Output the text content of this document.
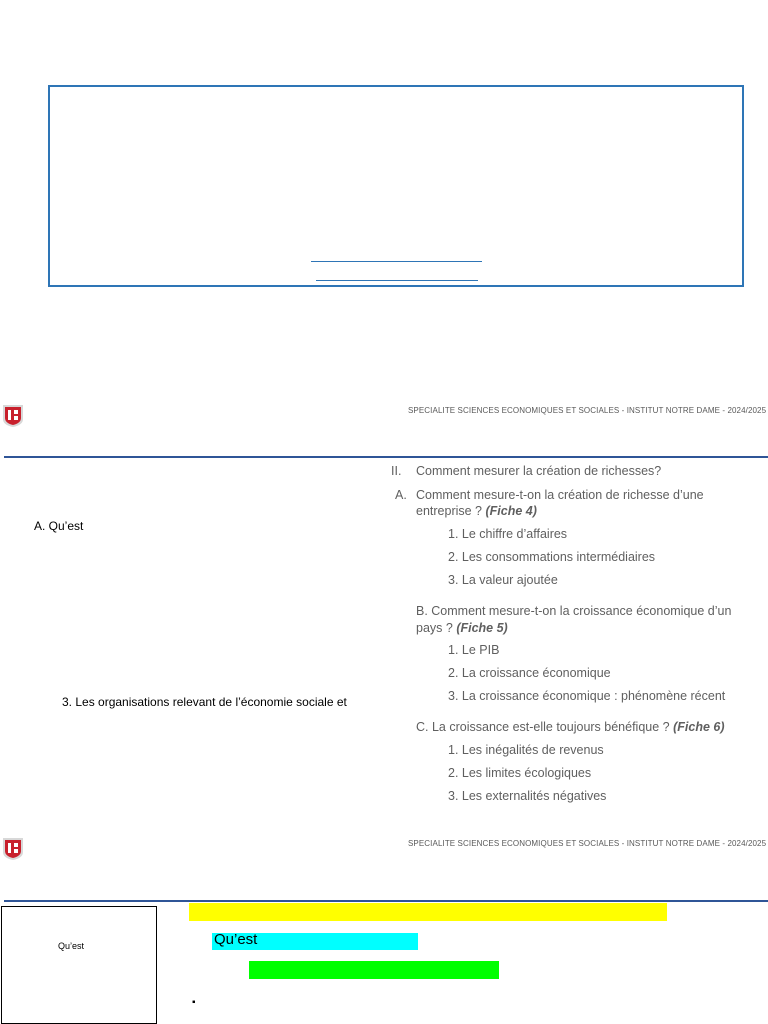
SPECIALITE SCIENCES ECONOMIQUES ET SOCIALES - INSTITUT NOTRE DAME - 2024/2025
A. Qu’est
3. Les organisations relevant de l’économie sociale et
II. Comment mesurer la création de richesses?
A. Comment mesure-t-on la création de richesse d’une
entreprise ? (Fiche 4)
1. Le chiffre d’affaires
2. Les consommations intermédiaires
3. La valeur ajoutée
B. Comment mesure-t-on la croissance économique d’un
pays ? (Fiche 5)
1. Le PIB
2. La croissance économique
3. La croissance économique : phénomène récent
C. La croissance est-elle toujours bénéfique ? (Fiche 6)
1. Les inégalités de revenus
2. Les limites écologiques
3. Les externalités négatives
SPECIALITE SCIENCES ECONOMIQUES ET SOCIALES - INSTITUT NOTRE DAME - 2024/2025
Qu’est	Qu’est
▪
